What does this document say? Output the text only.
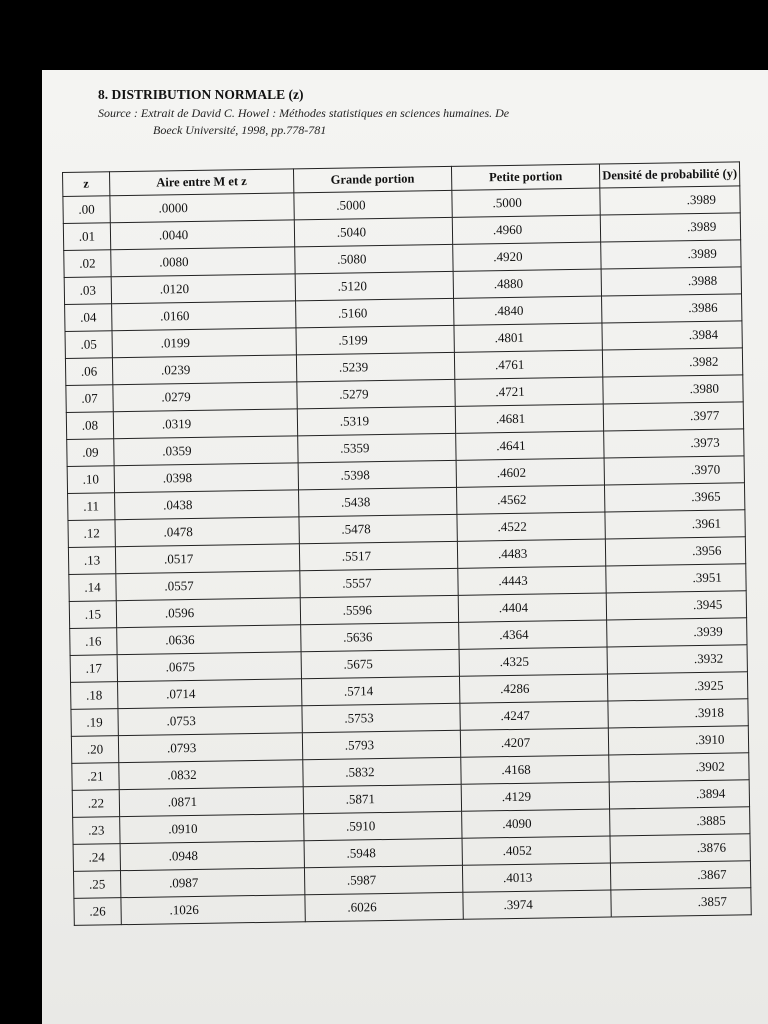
8. DISTRIBUTION NORMALE (z)
Source : Extrait de David C. Howel : Méthodes statistiques en sciences humaines. De
Boeck Université, 1998, pp.778-781
z	Aire entre M et z	Grande portion	Petite portion	Densité de probabilité (y)
.00	.0000	.5000	.5000	.3989
.01	.0040	.5040	.4960	.3989
.02	.0080	.5080	.4920	.3989
.03	.0120	.5120	.4880	.3988
.04	.0160	.5160	.4840	.3986
.05	.0199	.5199	.4801	.3984
.06	.0239	.5239	.4761	.3982
.07	.0279	.5279	.4721	.3980
.08	.0319	.5319	.4681	.3977
.09	.0359	.5359	.4641	.3973
.10	.0398	.5398	.4602	.3970
.11	.0438	.5438	.4562	.3965
.12	.0478	.5478	.4522	.3961
.13	.0517	.5517	.4483	.3956
.14	.0557	.5557	.4443	.3951
.15	.0596	.5596	.4404	.3945
.16	.0636	.5636	.4364	.3939
.17	.0675	.5675	.4325	.3932
.18	.0714	.5714	.4286	.3925
.19	.0753	.5753	.4247	.3918
.20	.0793	.5793	.4207	.3910
.21	.0832	.5832	.4168	.3902
.22	.0871	.5871	.4129	.3894
.23	.0910	.5910	.4090	.3885
.24	.0948	.5948	.4052	.3876
.25	.0987	.5987	.4013	.3867
.26	.1026	.6026	.3974	.3857
